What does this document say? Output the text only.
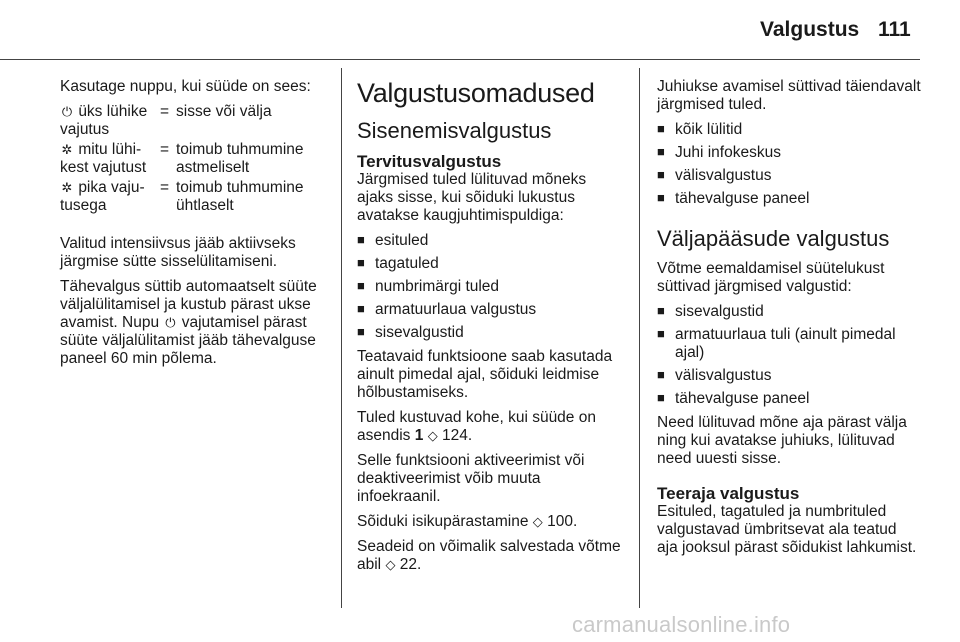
Valgustus 111

Kasutage nuppu, kui süüde on sees:

⏻ üks lühike vajutus
= sisse või välja
✲ mitu lühikest vajutust
= toimub tuhmumine astmeliselt
✲ pika vajutusega
= toimub tuhmumine ühtlaselt

Valitud intensiivsus jääb aktiivseks järgmise sütte sisselülitamiseni.

Tähevalgus süttib automaatselt süüte väljalülitamisel ja kustub pärast ukse avamist. Nupu ⏻ vajutamisel pärast süüte väljalülitamist jääb tähevalguse paneel 60 min põlema.

Valgustusomadused
Sisenemisvalgustus
Tervitusvalgustus

Järgmised tuled lülituvad mõneks ajaks sisse, kui sõiduki lukustus avatakse kaugjuhtimispuldiga:

■ esituled
■ tagatuled
■ numbrimärgi tuled
■ armatuurlaua valgustus
■ sisevalgustid

Teatavaid funktsioone saab kasutada ainult pimedal ajal, sõiduki leidmise hõlbustamiseks.

Tuled kustuvad kohe, kui süüde on asendis 1 ◇ 124.

Selle funktsiooni aktiveerimist või deaktiveerimist võib muuta infoekraanil.

Sõiduki isikupärastamine ◇ 100.

Seadeid on võimalik salvestada võtme abil ◇ 22.

Juhiukse avamisel süttivad täiendavalt järgmised tuled.

■ kõik lülitid
■ Juhi infokeskus
■ välisvalgustus
■ tähevalguse paneel
Väljapääsude valgustus

Võtme eemaldamisel süütelukust süttivad järgmised valgustid:

■ sisevalgustid
■ armatuurlaua tuli (ainult pimedal ajal)
■ välisvalgustus
■ tähevalguse paneel

Need lülituvad mõne aja pärast välja ning kui avatakse juhiuks, lülituvad need uuesti sisse.

Teeraja valgustus

Esituled, tagatuled ja numbrituled valgustavad ümbritsevat ala teatud aja jooksul pärast sõidukist lahkumist.

carmanualsonline.info
